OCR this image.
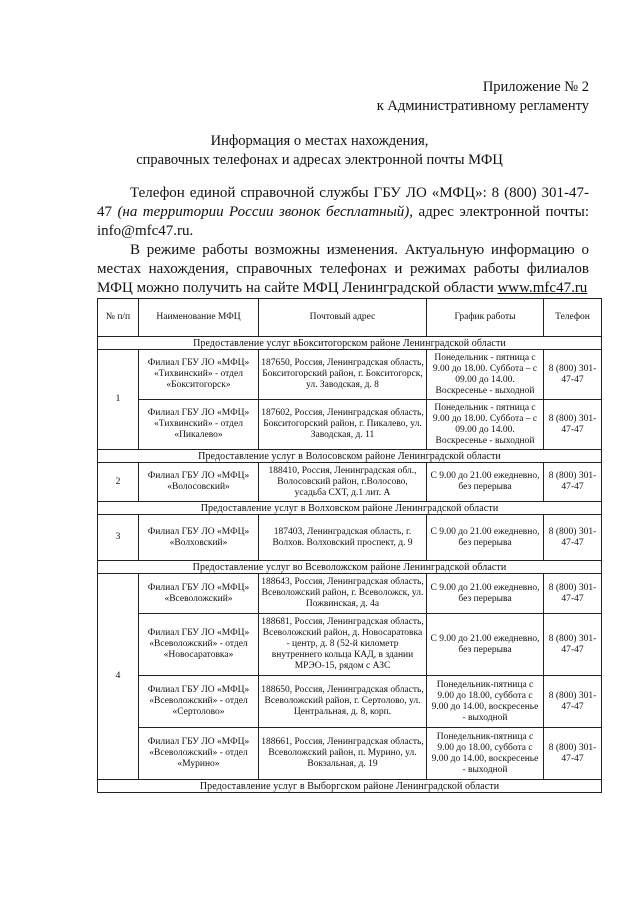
Приложение № 2
к Административному регламенту
Информация о местах нахождения,
справочных телефонах и адресах электронной почты МФЦ
Телефон единой справочной службы ГБУ ЛО «МФЦ»: 8 (800) 301-47-47 (на территории России звонок бесплатный), адрес электронной почты: info@mfc47.ru.
В режиме работы возможны изменения. Актуальную информацию о местах нахождения, справочных телефонах и режимах работы филиалов МФЦ можно получить на сайте МФЦ Ленинградской области www.mfc47.ru
№ п/п	Наименование МФЦ	Почтовый адрес	График работы	Телефон
Предоставление услуг вБокситогорском районе Ленинградской области				
1	Филиал ГБУ ЛО «МФЦ» «Тихвинский» - отдел «Бокситогорск»	187650, Россия, Ленинградская область, Бокситогорский район, г. Бокситогорск, ул. Заводская, д. 8	Понедельник - пятница с 9.00 до 18.00. Суббота – с 09.00 до 14.00. Воскресенье - выходной	8 (800) 301-47-47
	Филиал ГБУ ЛО «МФЦ» «Тихвинский» - отдел «Пикалево»	187602, Россия, Ленинградская область, Бокситогорский район, г. Пикалево, ул. Заводская, д. 11	Понедельник - пятница с 9.00 до 18.00. Суббота – с 09.00 до 14.00. Воскресенье - выходной	8 (800) 301-47-47
Предоставление услуг в Волосовском районе Ленинградской области				
2	Филиал ГБУ ЛО «МФЦ» «Волосовский»	188410, Россия, Ленинградская обл., Волосовский район, г.Волосово, усадьба СХТ, д.1 лит. А	С 9.00 до 21.00 ежедневно, без перерыва	8 (800) 301-47-47
Предоставление услуг в Волховском районе Ленинградской области				
3	Филиал ГБУ ЛО «МФЦ» «Волховский»	187403, Ленинградская область, г. Волхов. Волховский проспект, д. 9	С 9.00 до 21.00 ежедневно, без перерыва	8 (800) 301-47-47
Предоставление услуг во Всеволожском районе Ленинградской области				
4	Филиал ГБУ ЛО «МФЦ» «Всеволожский»	188643, Россия, Ленинградская область, Всеволожский район, г. Всеволожск, ул. Пожвинская, д. 4а	С 9.00 до 21.00 ежедневно, без перерыва	8 (800) 301-47-47
	Филиал ГБУ ЛО «МФЦ» «Всеволожский» - отдел «Новосаратовка»	188681, Россия, Ленинградская область, Всеволожский район, д. Новосаратовка - центр, д. 8 (52-й километр внутреннего кольца КАД, в здании МРЭО-15, рядом с АЗС	С 9.00 до 21.00 ежедневно, без перерыва	8 (800) 301-47-47
	Филиал ГБУ ЛО «МФЦ» «Всеволожский» - отдел «Сертолово»	188650, Россия, Ленинградская область, Всеволожский район, г. Сертолово, ул. Центральная, д. 8, корп.	Понедельник-пятница с 9.00 до 18.00, суббота с 9.00 до 14.00, воскресенье - выходной	8 (800) 301-47-47
	Филиал ГБУ ЛО «МФЦ» «Всеволожский» - отдел «Мурино»	188661, Россия, Ленинградская область, Всеволожский район, п. Мурино, ул. Вокзальная, д. 19	Понедельник-пятница с 9.00 до 18.00, суббота с 9.00 до 14.00, воскресенье - выходной	8 (800) 301-47-47
Предоставление услуг в Выборгском районе Ленинградской области				
